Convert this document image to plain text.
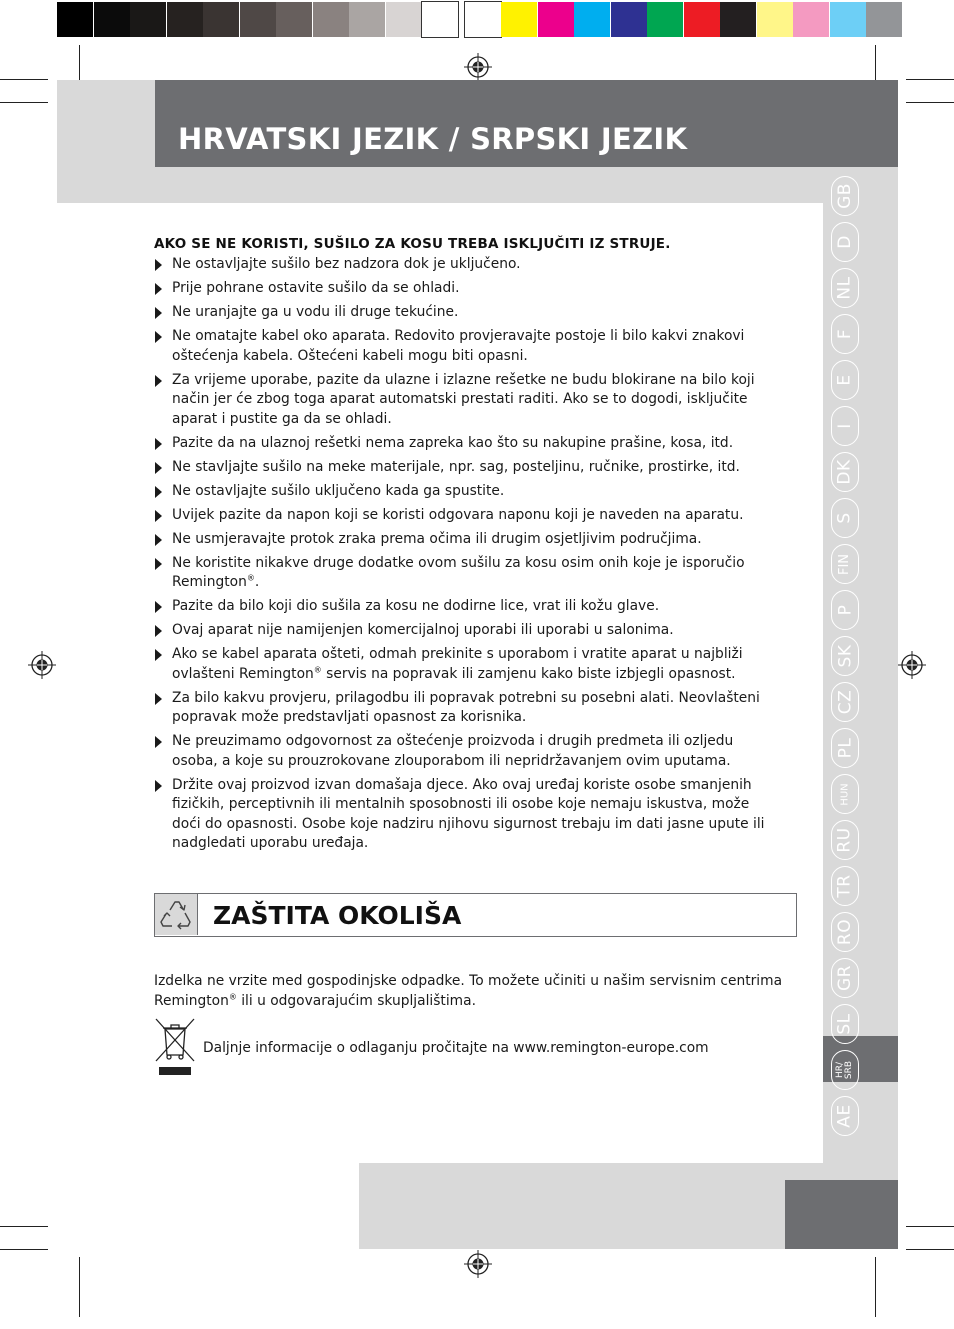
HRVATSKI JEZIK / SRPSKI JEZIK
GB
D
NL
F
E
I
DK
S
FIN
P
SK
CZ
PL
HUN
RU
TR
RO
GR
SL
HR/ SRB
AE
AKO SE NE KORISTI, SUŠILO ZA KOSU TREBA ISKLJUČITI IZ STRUJE.
Ne ostavljajte sušilo bez nadzora dok je uključeno.
Prije pohrane ostavite sušilo da se ohladi.
Ne uranjajte ga u vodu ili druge tekućine.
Ne omatajte kabel oko aparata. Redovito provjeravajte postoje li bilo kakvi znakovi oštećenja kabela. Oštećeni kabeli mogu biti opasni.
Za vrijeme uporabe, pazite da ulazne i izlazne rešetke ne budu blokirane na bilo koji način jer će zbog toga aparat automatski prestati raditi. Ako se to dogodi, isključite aparat i pustite ga da se ohladi.
Pazite da na ulaznoj rešetki nema zapreka kao što su nakupine prašine, kosa, itd.
Ne stavljajte sušilo na meke materijale, npr. sag, posteljinu, ručnike, prostirke, itd.
Ne ostavljajte sušilo uključeno kada ga spustite.
Uvijek pazite da napon koji se koristi odgovara naponu koji je naveden na aparatu.
Ne usmjeravajte protok zraka prema očima ili drugim osjetljivim područjima.
Ne koristite nikakve druge dodatke ovom sušilu za kosu osim onih koje je isporučio Remington®.
Pazite da bilo koji dio sušila za kosu ne dodirne lice, vrat ili kožu glave.
Ovaj aparat nije namijenjen komercijalnoj uporabi ili uporabi u salonima.
Ako se kabel aparata ošteti, odmah prekinite s uporabom i vratite aparat u najbliži ovlašteni Remington® servis na popravak ili zamjenu kako biste izbjegli opasnost.
Za bilo kakvu provjeru, prilagodbu ili popravak potrebni su posebni alati. Neovlašteni popravak može predstavljati opasnost za korisnika.
Ne preuzimamo odgovornost za oštećenje proizvoda i drugih predmeta ili ozljedu osoba, a koje su prouzrokovane zlouporabom ili nepridržavanjem ovim uputama.
Držite ovaj proizvod izvan domašaja djece. Ako ovaj uređaj koriste osobe smanjenih fizičkih, perceptivnih ili mentalnih sposobnosti ili osobe koje nemaju iskustva, može doći do opasnosti. Osobe koje nadziru njihovu sigurnost trebaju im dati jasne upute ili nadgledati uporabu uređaja.
ZAŠTITA OKOLIŠA

Izdelka ne vrzite med gospodinjske odpadke. To možete učiniti u našim servisnim centrima Remington® ili u odgovarajućim skupljalištima.

Daljnje informacije o odlaganju pročitajte na www.remington-europe.com
